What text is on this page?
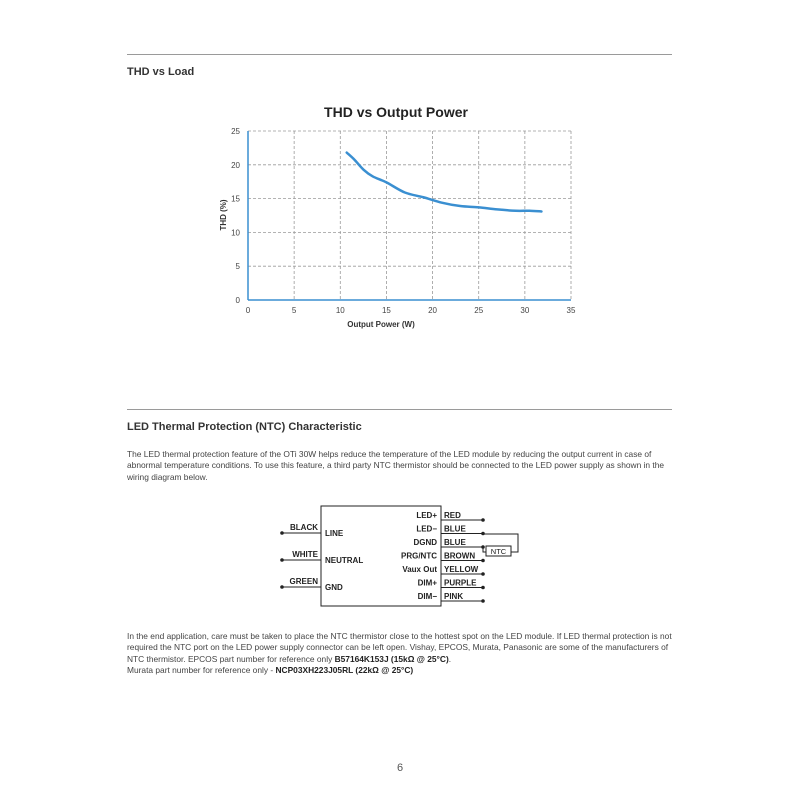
THD vs Load
THD vs Output Power
0	5	10	15	20	25	30	35
0
5
10
15
20
25
Output Power (W)
THD (%)
LED Thermal Protection (NTC) Characteristic

The LED thermal protection feature of the OTi 30W helps reduce the temperature of the LED module by reducing the output current in case of abnormal temperature conditions. To use this feature, a third party NTC thermistor should be connected to the LED power supply as shown in the wiring diagram below.

BLACK
LINE
WHITE
NEUTRAL
GREEN
GND
LED+ RED
LED− BLUE
DGND BLUE
PRG/NTC BROWN
Vaux Out YELLOW
DIM+ PURPLE
DIM− PINK
NTC

In the end application, care must be taken to place the NTC thermistor close to the hottest spot on the LED module. If LED thermal protection is not required the NTC port on the LED power supply connector can be left open. Vishay, EPCOS, Murata, Panasonic are some of the manufacturers of NTC thermistor. EPCOS part number for reference only B57164K153J (15kΩ @ 25°C).
Murata part number for reference only - NCP03XH223J05RL (22kΩ @ 25°C)

6
